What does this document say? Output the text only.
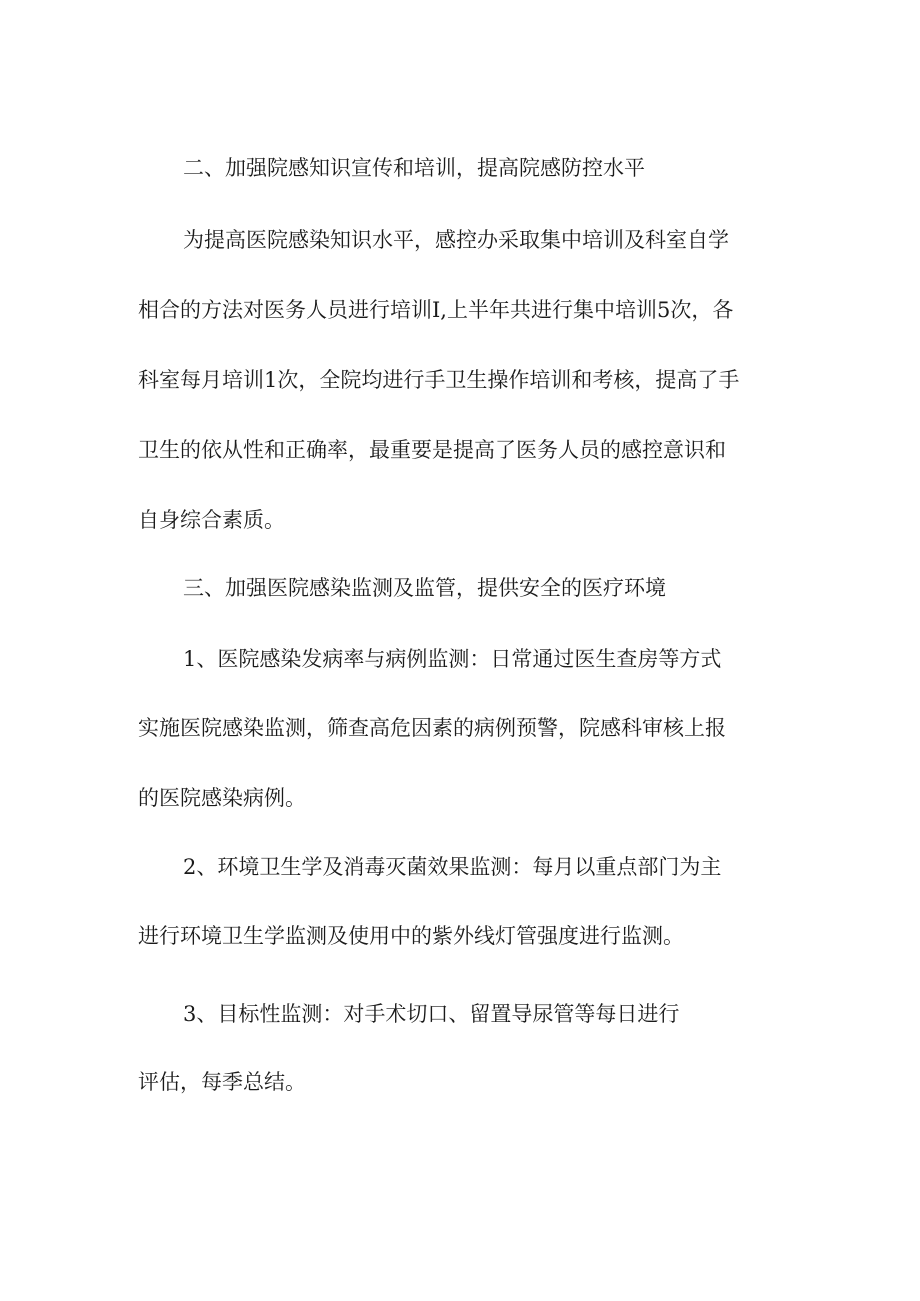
二、加强院感知识宣传和培训，提高院感防控水平
为提高医院感染知识水平，感控办采取集中培训及科室自学
相合的方法对医务人员进行培训I,上半年共进行集中培训5次，各
科室每月培训1次，全院均进行手卫生操作培训和考核，提高了手
卫生的依从性和正确率，最重要是提高了医务人员的感控意识和
自身综合素质。
三、加强医院感染监测及监管，提供安全的医疗环境
1、医院感染发病率与病例监测：日常通过医生查房等方式
实施医院感染监测，筛查高危因素的病例预警，院感科审核上报
的医院感染病例。
2、环境卫生学及消毒灭菌效果监测：每月以重点部门为主
进行环境卫生学监测及使用中的紫外线灯管强度进行监测。
3、目标性监测：对手术切口、留置导尿管等每日进行
评估，每季总结。
